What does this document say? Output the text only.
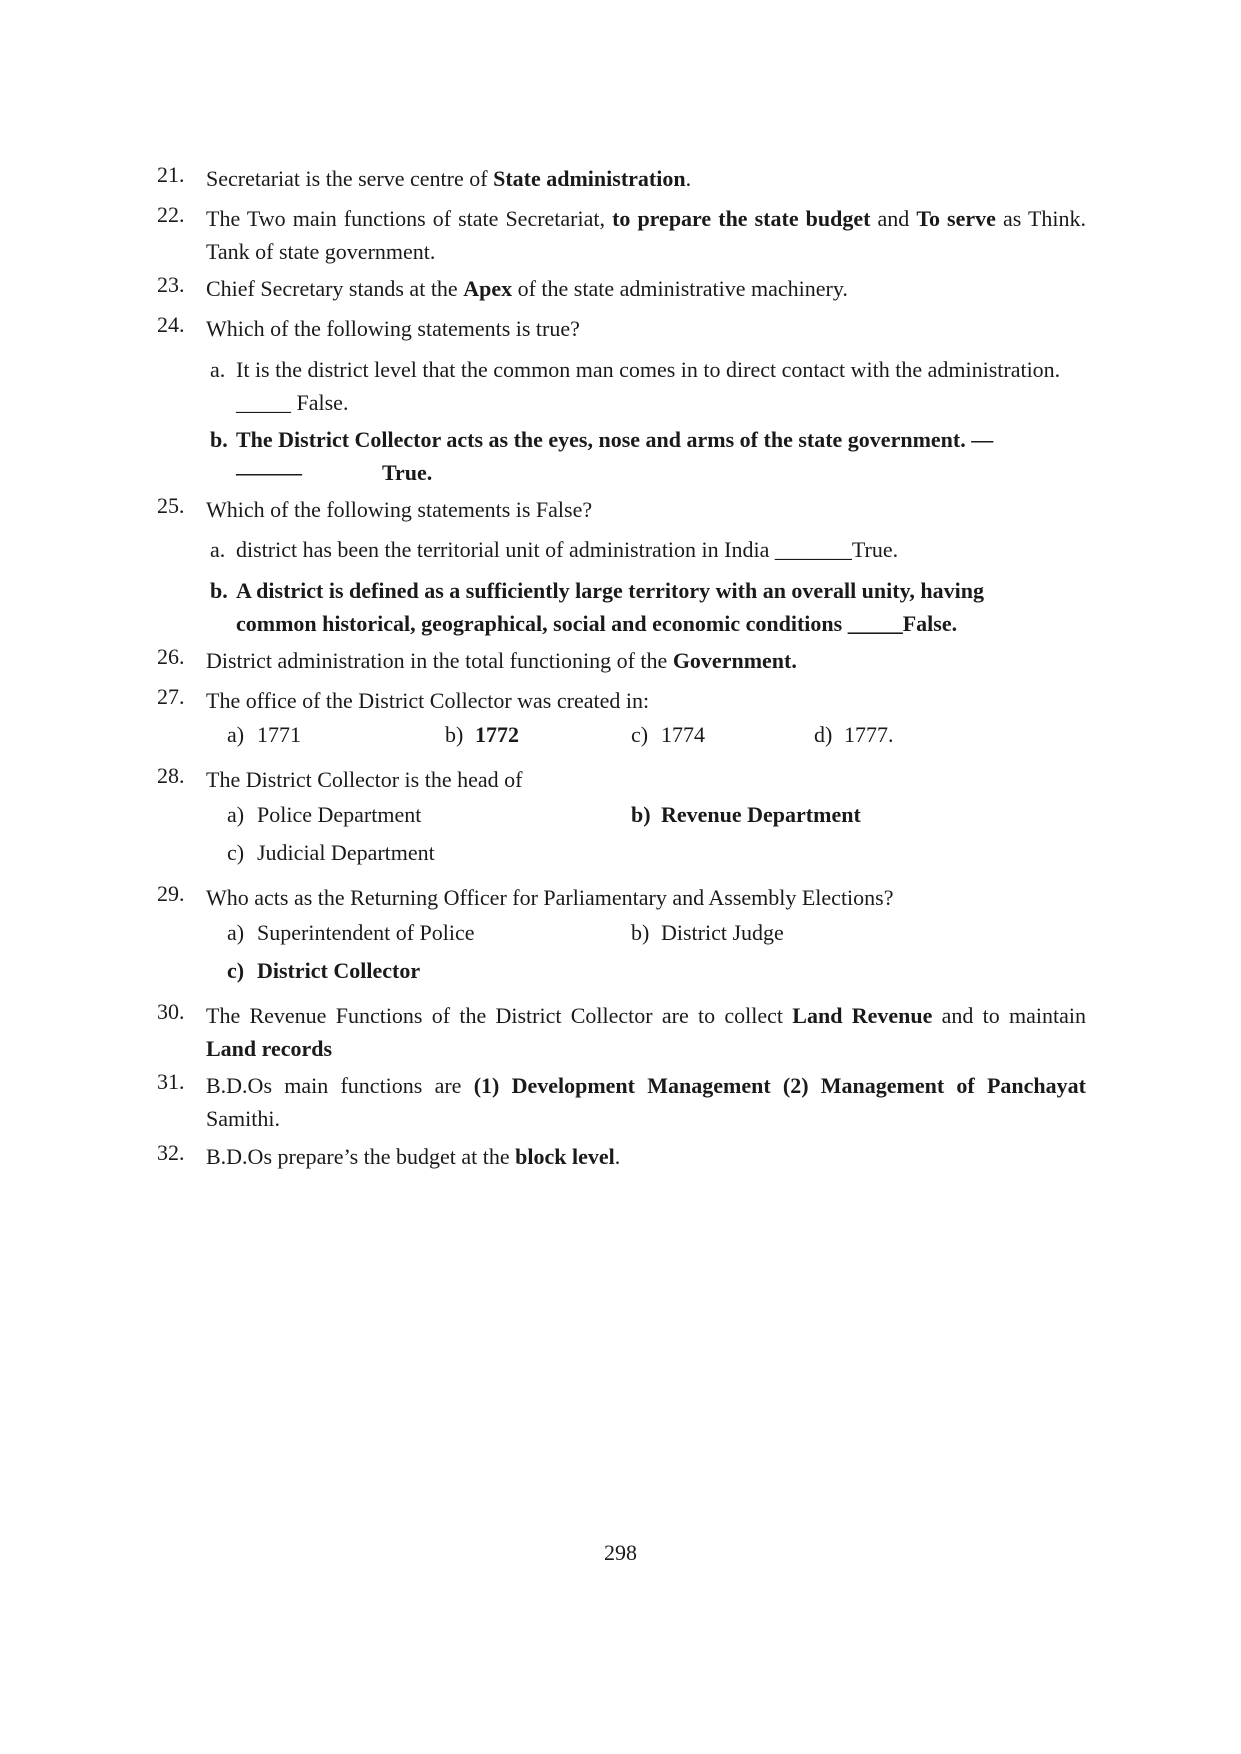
21. Secretariat is the serve centre of State administration.
22. The Two main functions of state Secretariat, to prepare the state budget and To serve as Think. Tank of state government.
23. Chief Secretary stands at the Apex of the state administrative machinery.
24. Which of the following statements is true?
a. It is the district level that the common man comes in to direct contact with the administration.
_____ False.
b. The District Collector acts as the eyes, nose and arms of the state government. —
———	True.
25. Which of the following statements is False?
a. district has been the territorial unit of administration in India _______True.
b. A district is defined as a sufficiently large territory with an overall unity, having
common historical, geographical, social and economic conditions _____False.
26. District administration in the total functioning of the Government.
27. The office of the District Collector was created in:
a) 1771	b) 1772	c) 1774	d) 1777.
28. The District Collector is the head of
a) Police Department	b) Revenue Department
c) Judicial Department
29. Who acts as the Returning Officer for Parliamentary and Assembly Elections?
a) Superintendent of Police	b) District Judge
c) District Collector
30. The Revenue Functions of the District Collector are to collect Land Revenue and to maintain Land records
31. B.D.Os main functions are (1) Development Management (2) Management of Panchayat Samithi.
32. B.D.Os prepare’s the budget at the block level.
298
